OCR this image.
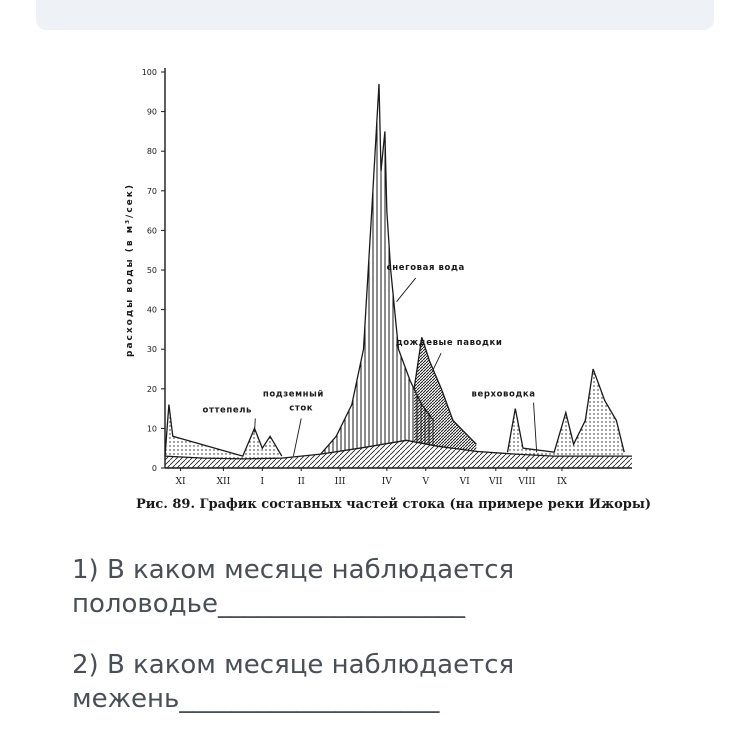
расходы воды (в м³/сек)
0
10
20
30
40
50
60
70
80
90
100
XI	XII	I	II	III	IV	V	VI VII VIII IX
снеговая вода
дождевые паводки
оттепель
подземный
сток
верховодка
Рис. 89. График составных частей стока (на примере реки Ижоры)
1) В каком месяце наблюдается
половодье___________________
2) В каком месяце наблюдается
межень____________________
